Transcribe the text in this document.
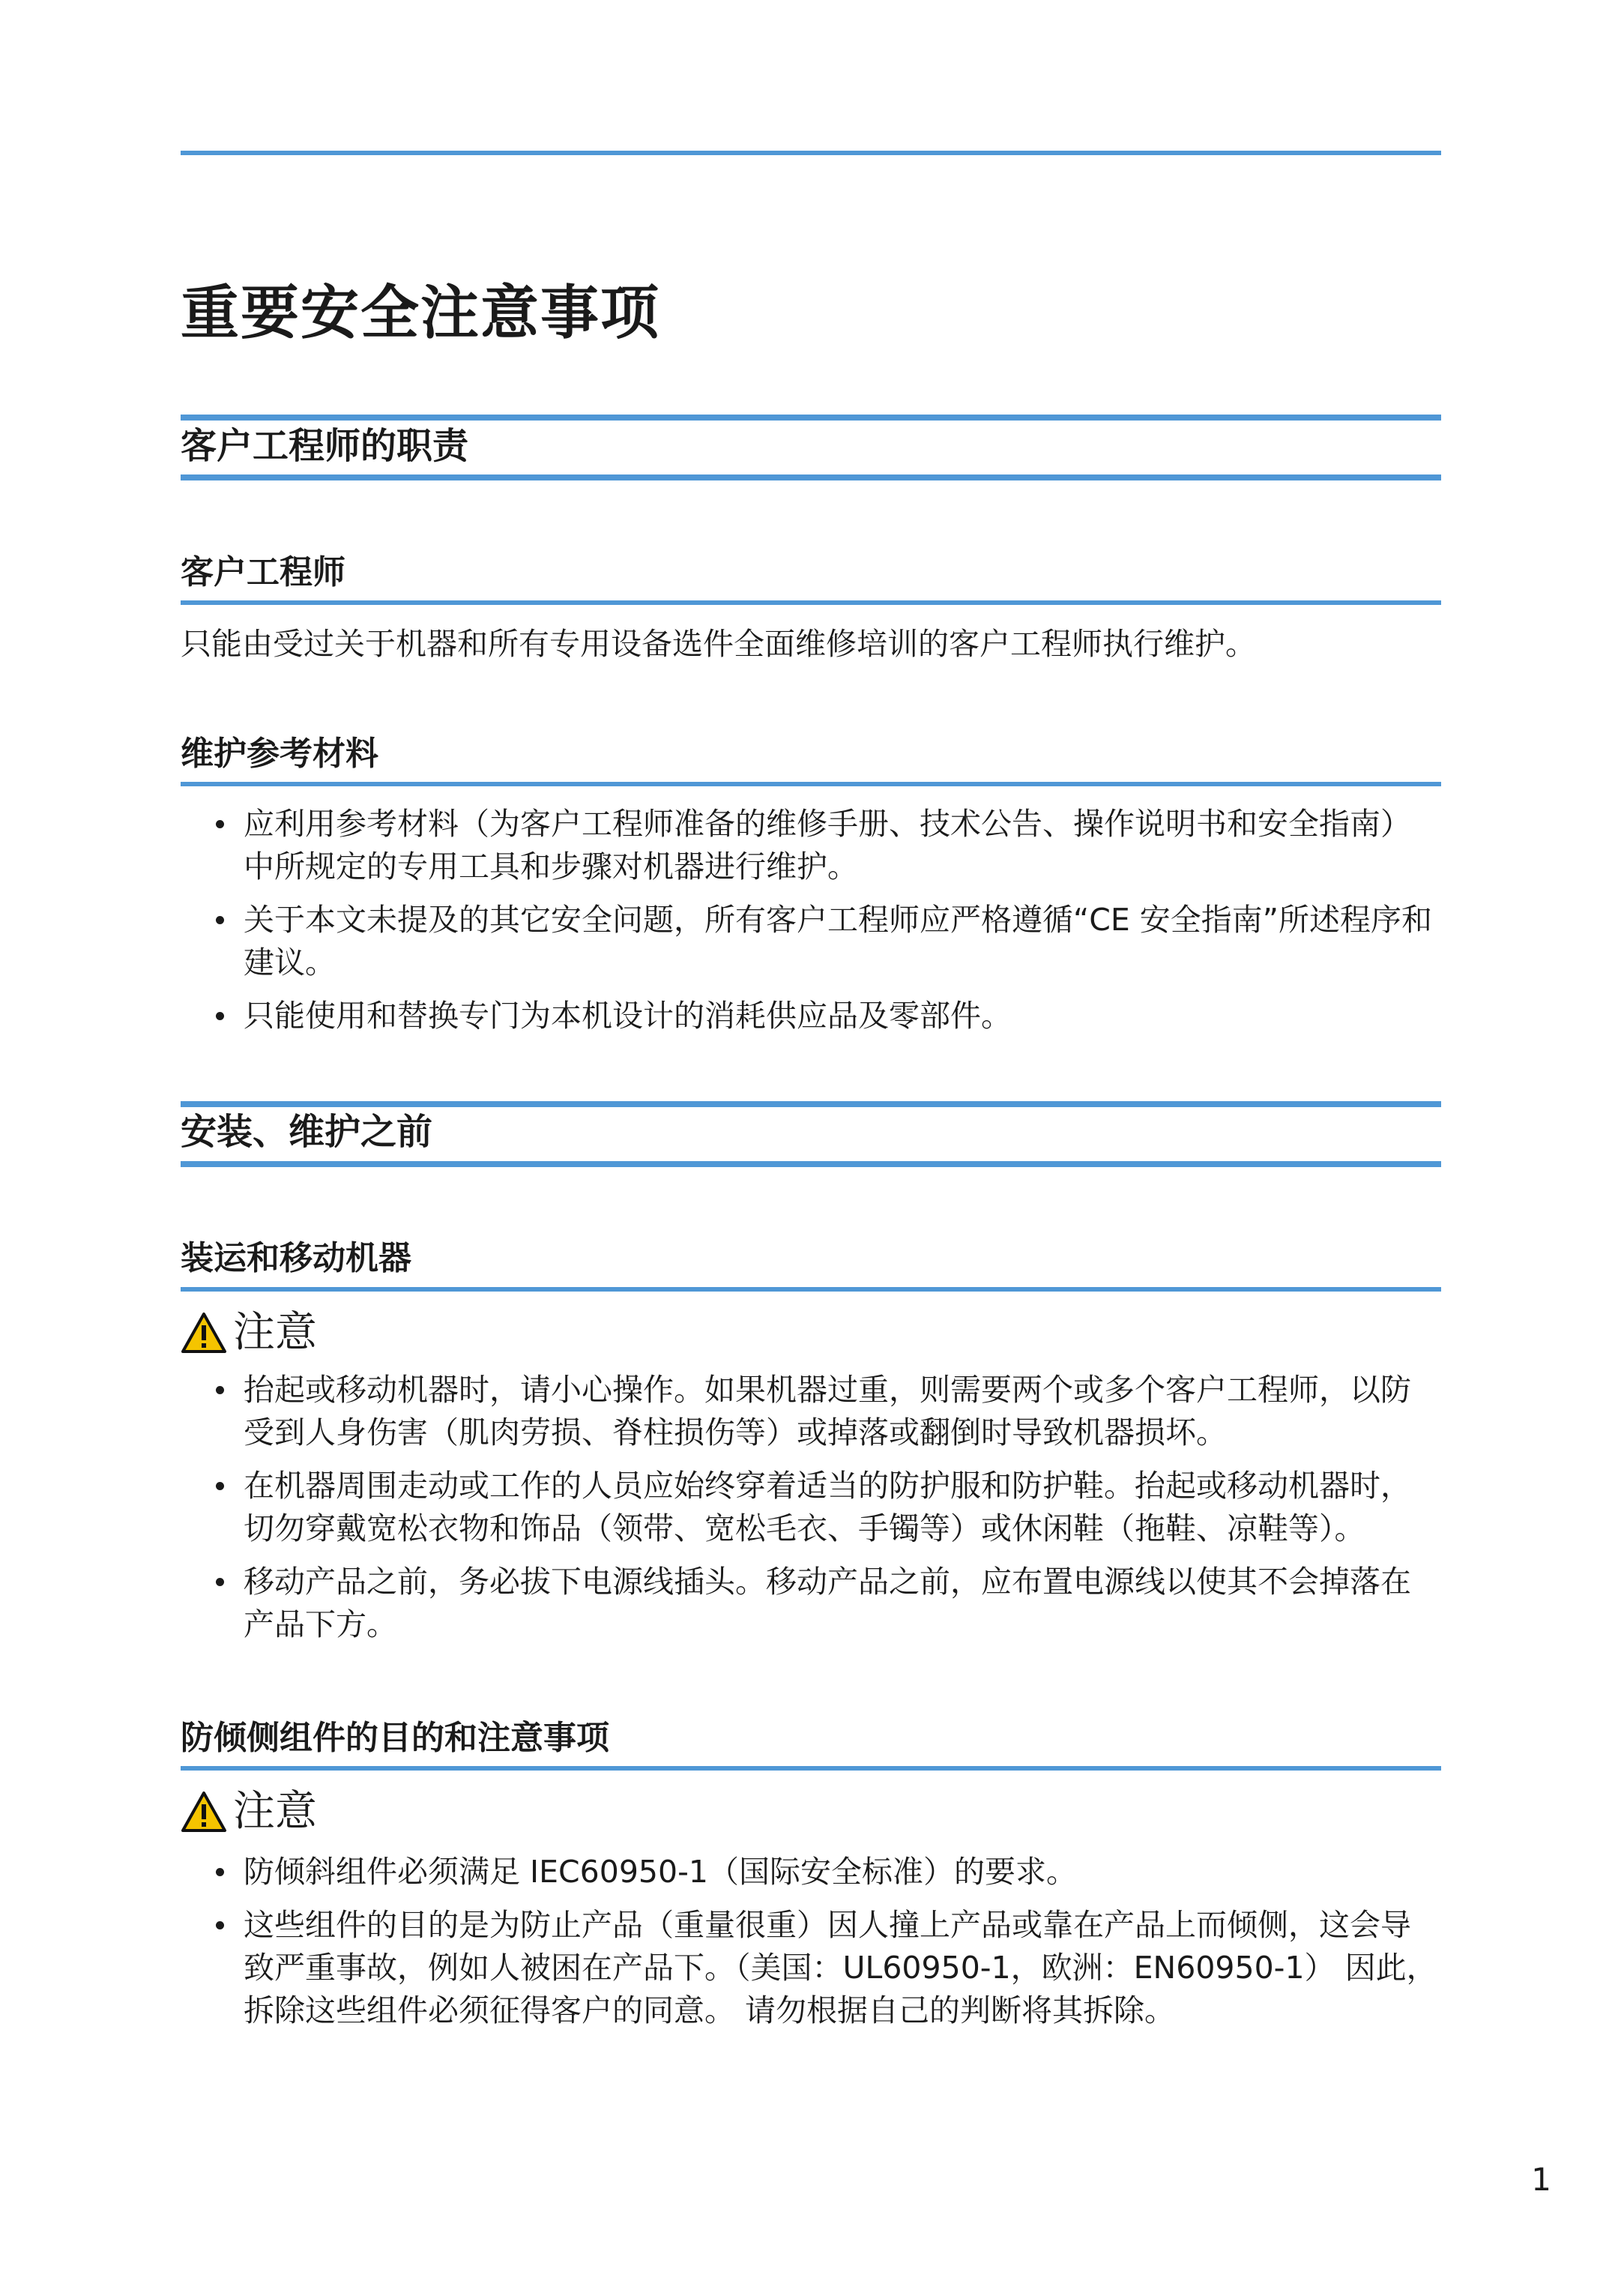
重要安全注意事项
客户工程师的职责
客户工程师
只能由受过关于机器和所有专用设备选件全面维修培训的客户工程师执行维护。
维护参考材料
应利用参考材料（为客户工程师准备的维修手册、技术公告、操作说明书和安全指南）中所规定的专用工具和步骤对机器进行维护。
关于本文未提及的其它安全问题，所有客户工程师应严格遵循“CE 安全指南”所述程序和建议。
只能使用和替换专门为本机设计的消耗供应品及零部件。
安装、维护之前
装运和移动机器
注意
抬起或移动机器时，请小心操作。如果机器过重，则需要两个或多个客户工程师，以防受到人身伤害（肌肉劳损、脊柱损伤等）或掉落或翻倒时导致机器损坏。
在机器周围走动或工作的人员应始终穿着适当的防护服和防护鞋。抬起或移动机器时，切勿穿戴宽松衣物和饰品（领带、宽松毛衣、手镯等）或休闲鞋（拖鞋、凉鞋等）。
移动产品之前，务必拔下电源线插头。移动产品之前，应布置电源线以使其不会掉落在产品下方。
防倾侧组件的目的和注意事项
注意
防倾斜组件必须满足 IEC60950-1（国际安全标准）的要求。
这些组件的目的是为防止产品（重量很重）因人撞上产品或靠在产品上而倾侧，这会导致严重事故，例如人被困在产品下。（美国：UL60950-1，欧洲：EN60950-1） 因此，拆除这些组件必须征得客户的同意。 请勿根据自己的判断将其拆除。
1
